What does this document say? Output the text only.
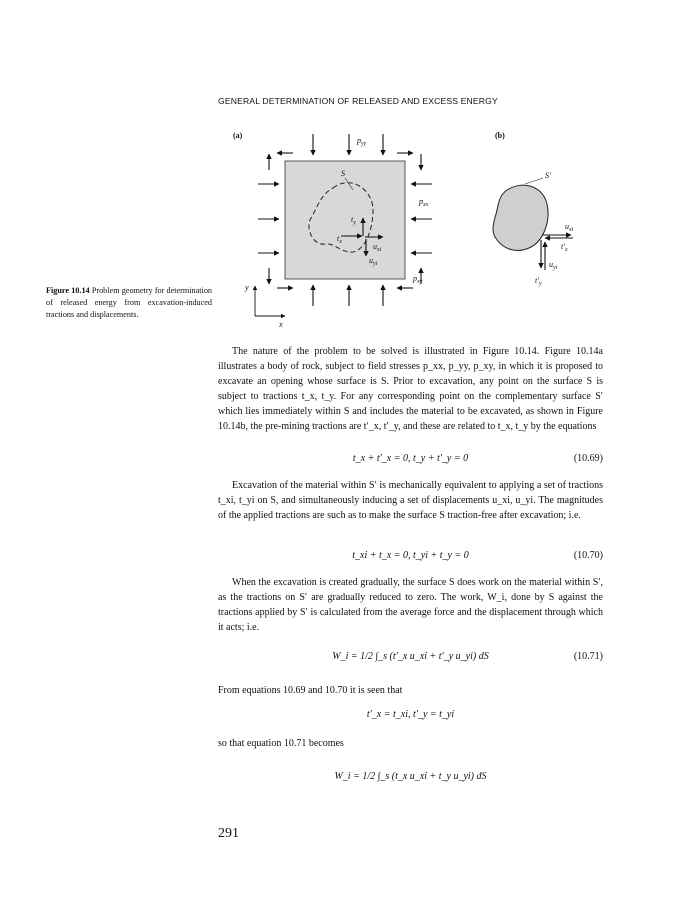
GENERAL DETERMINATION OF RELEASED AND EXCESS ENERGY
(a)
$p_{yy}$
$p_{xx}$
$p_{xy}$
S
$t_y$
$t_x$	$u_{xi}$
$u_{yi}$
y
x
(b)
S′
$u_{xi}$
$t'_x$
$u_{yi}$
$t'_y$
Figure 10.14 Problem geometry for determination of released energy from excavation-induced tractions and displacements.
The nature of the problem to be solved is illustrated in Figure 10.14. Figure 10.14a illustrates a body of rock, subject to field stresses p_xx, p_yy, p_xy, in which it is proposed to excavate an opening whose surface is S. Prior to excavation, any point on the surface S is subject to tractions t_x, t_y. For any corresponding point on the complementary surface S′ which lies immediately within S and includes the material to be excavated, as shown in Figure 10.14b, the pre-mining tractions are t′_x, t′_y, and these are related to t_x, t_y by the equations
t_x + t′_x = 0, t_y + t′_y = 0	(10.69)
Excavation of the material within S′ is mechanically equivalent to applying a set of tractions t_xi, t_yi on S, and simultaneously inducing a set of displacements u_xi, u_yi. The magnitudes of the applied tractions are such as to make the surface S traction-free after excavation; i.e.
t_xi + t_x = 0, t_yi + t_y = 0	(10.70)
When the excavation is created gradually, the surface S does work on the material within S′, as the tractions on S′ are gradually reduced to zero. The work, W_i, done by S against the tractions applied by S′ is calculated from the average force and the displacement through which it acts; i.e.
W_i = 1/2 ∫_s (t′_x u_xi + t′_y u_yi) dS	(10.71)
From equations 10.69 and 10.70 it is seen that
t′_x = t_xi, t′_y = t_yi
so that equation 10.71 becomes
W_i = 1/2 ∫_s (t_x u_xi + t_y u_yi) dS
291
